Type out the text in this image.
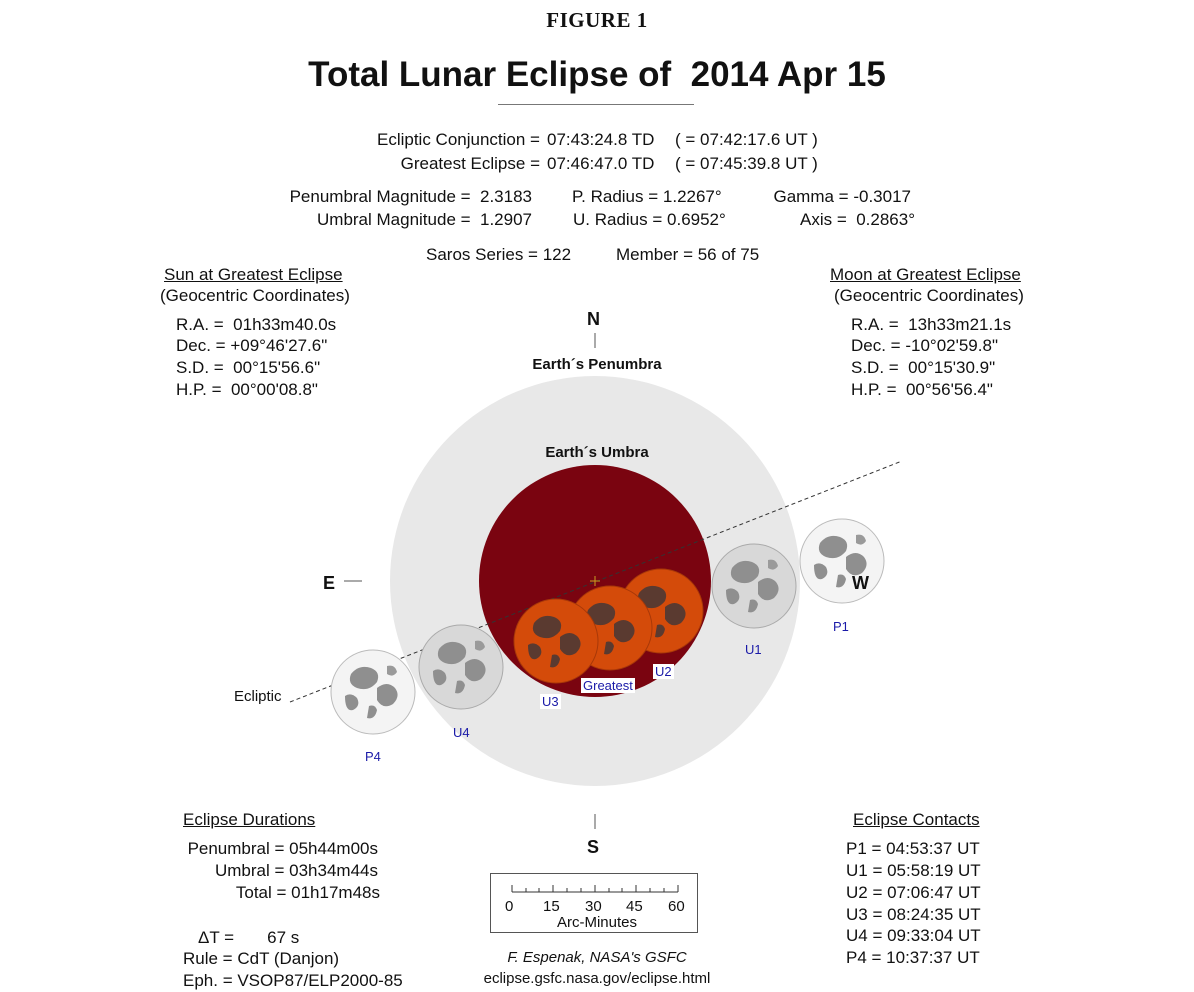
FIGURE 1
Total Lunar Eclipse of  2014 Apr 15
Ecliptic Conjunction = 07:43:24.8 TD ( = 07:42:17.6 UT )
Greatest Eclipse = 07:46:47.0 TD ( = 07:45:39.8 UT )
Penumbral Magnitude =  2.3183
Umbral Magnitude =  1.2907
P. Radius = 1.2267°
U. Radius = 0.6952°
Gamma = -0.3017
Axis =  0.2863°
Saros Series = 122	Member = 56 of 75
Sun at Greatest Eclipse
(Geocentric Coordinates)
R.A. =  01h33m40.0s
Dec. = +09°46'27.6"
S.D. =  00°15'56.6"
H.P. =  00°00'08.8"
Moon at Greatest Eclipse
(Geocentric Coordinates)
R.A. =  13h33m21.1s
Dec. = -10°02'59.8"
S.D. =  00°15'30.9"
H.P. =  00°56'56.4"
N
S
E	W
Earth´s Penumbra
Earth´s Umbra
Ecliptic
P1
U1
U2
Greatest
U3
U4
P4
Eclipse Durations
Penumbral = 05h44m00s
Umbral = 03h34m44s
Total = 01h17m48s
ΔT =       67 s
Rule = CdT (Danjon)
Eph. = VSOP87/ELP2000-85
Eclipse Contacts
P1 = 04:53:37 UT
U1 = 05:58:19 UT
U2 = 07:06:47 UT
U3 = 08:24:35 UT
U4 = 09:33:04 UT
P4 = 10:37:37 UT
0 15 30 45 60
Arc-Minutes
F. Espenak, NASA's GSFC
eclipse.gsfc.nasa.gov/eclipse.html
